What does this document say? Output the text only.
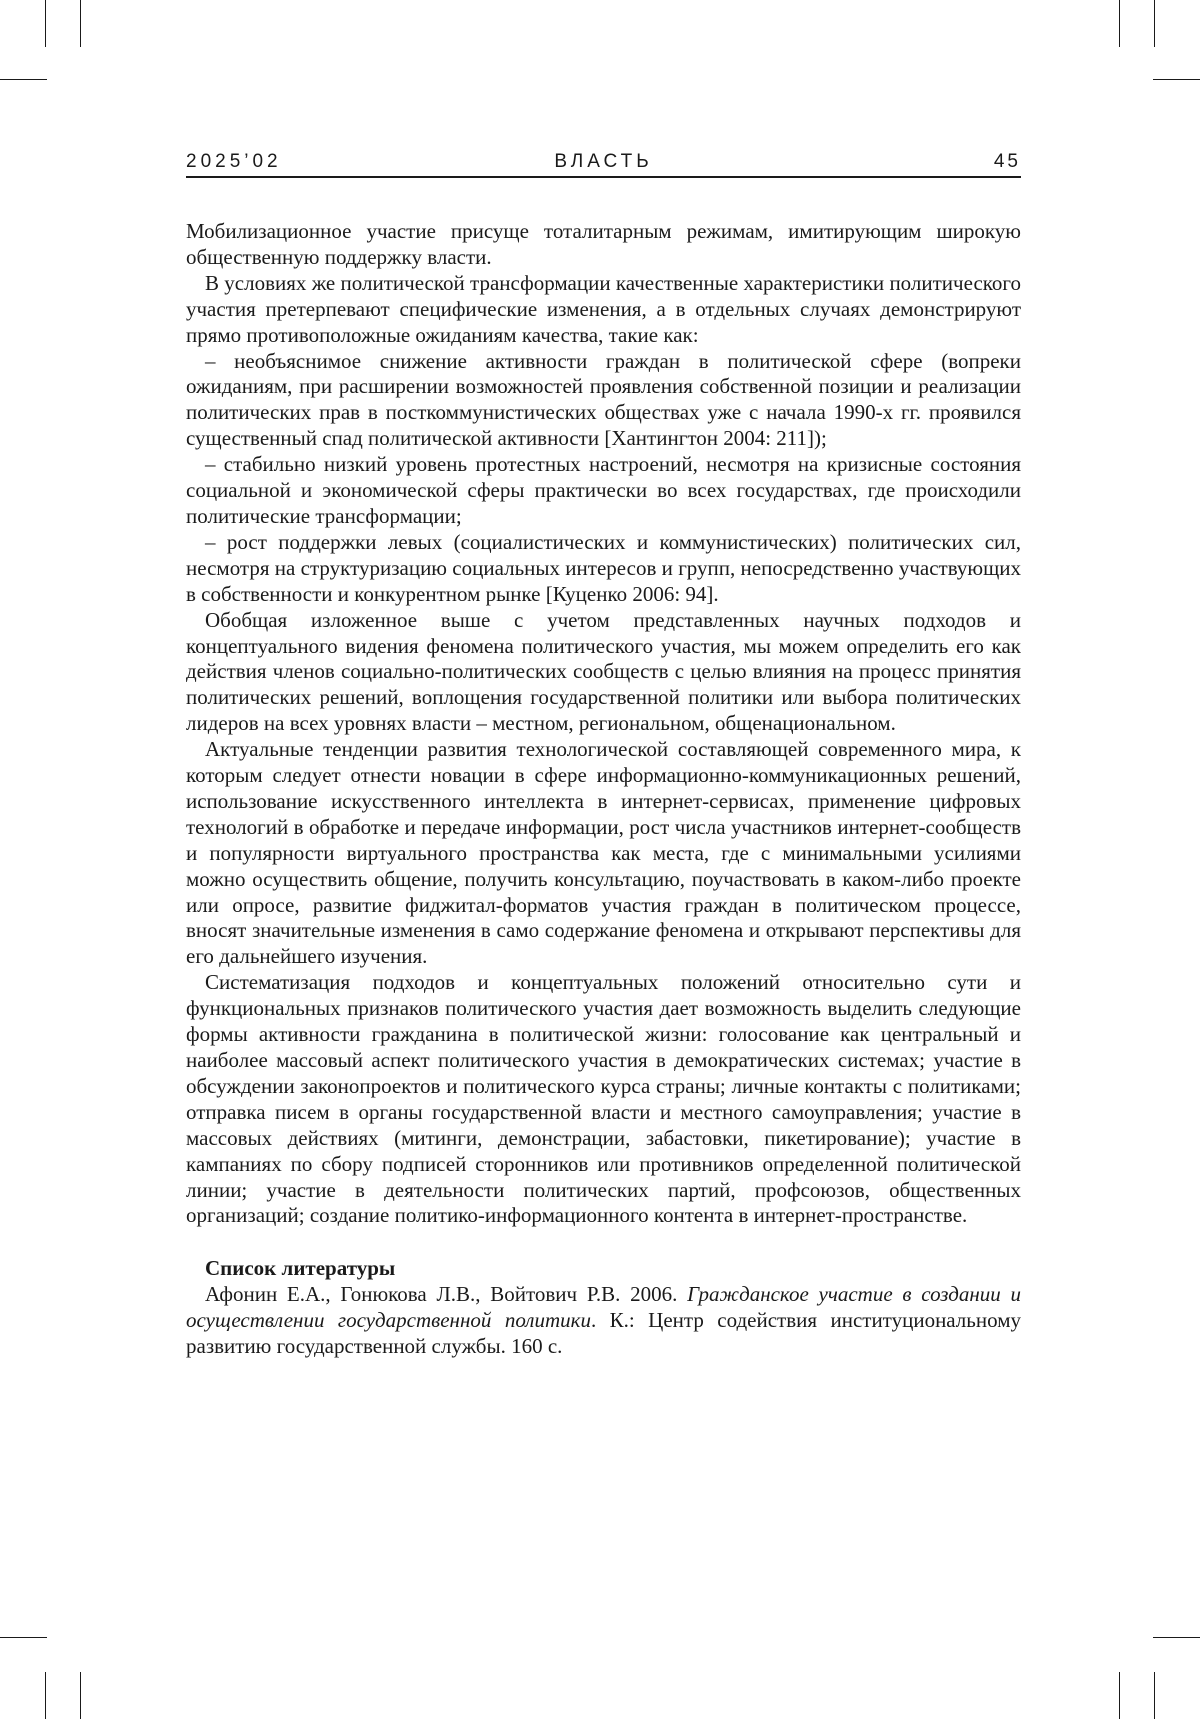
2025’02	ВЛАСТЬ	45

Мобилизационное участие присуще тоталитарным режимам, имитирующим широкую общественную поддержку власти.

В условиях же политической трансформации качественные характеристики политического участия претерпевают специфические изменения, а в отдельных случаях демонстрируют прямо противоположные ожиданиям качества, такие как:

– необъяснимое снижение активности граждан в политической сфере (вопреки ожиданиям, при расширении возможностей проявления собственной позиции и реализации политических прав в посткоммунистических обществах уже с начала 1990-х гг. проявился существенный спад политической активности [Хантингтон 2004: 211]);

– стабильно низкий уровень протестных настроений, несмотря на кризисные состояния социальной и экономической сферы практически во всех государствах, где происходили политические трансформации;

– рост поддержки левых (социалистических и коммунистических) политических сил, несмотря на структуризацию социальных интересов и групп, непосредственно участвующих в собственности и конкурентном рынке [Куценко 2006: 94].

Обобщая изложенное выше с учетом представленных научных подходов и концептуального видения феномена политического участия, мы можем определить его как действия членов социально-политических сообществ с целью влияния на процесс принятия политических решений, воплощения государственной политики или выбора политических лидеров на всех уровнях власти – местном, региональном, общенациональном.

Актуальные тенденции развития технологической составляющей современного мира, к которым следует отнести новации в сфере информационно-коммуникационных решений, использование искусственного интеллекта в интернет-сервисах, применение цифровых технологий в обработке и передаче информации, рост числа участников интернет-сообществ и популярности виртуального пространства как места, где с минимальными усилиями можно осуществить общение, получить консультацию, поучаствовать в каком-либо проекте или опросе, развитие фиджитал-форматов участия граждан в политическом процессе, вносят значительные изменения в само содержание феномена и открывают перспективы для его дальнейшего изучения.

Систематизация подходов и концептуальных положений относительно сути и функциональных признаков политического участия дает возможность выделить следующие формы активности гражданина в политической жизни: голосование как центральный и наиболее массовый аспект политического участия в демократических системах; участие в обсуждении законопроектов и политического курса страны; личные контакты с политиками; отправка писем в органы государственной власти и местного самоуправления; участие в массовых действиях (митинги, демонстрации, забастовки, пикетирование); участие в кампаниях по сбору подписей сторонников или противников определенной политической линии; участие в деятельности политических партий, профсоюзов, общественных организаций; создание политико-информационного контента в интернет-пространстве.

Список литературы

Афонин Е.А., Гонюкова Л.В., Войтович Р.В. 2006. Гражданское участие в создании и осуществлении государственной политики. К.: Центр содействия институциональному развитию государственной службы. 160 с.
